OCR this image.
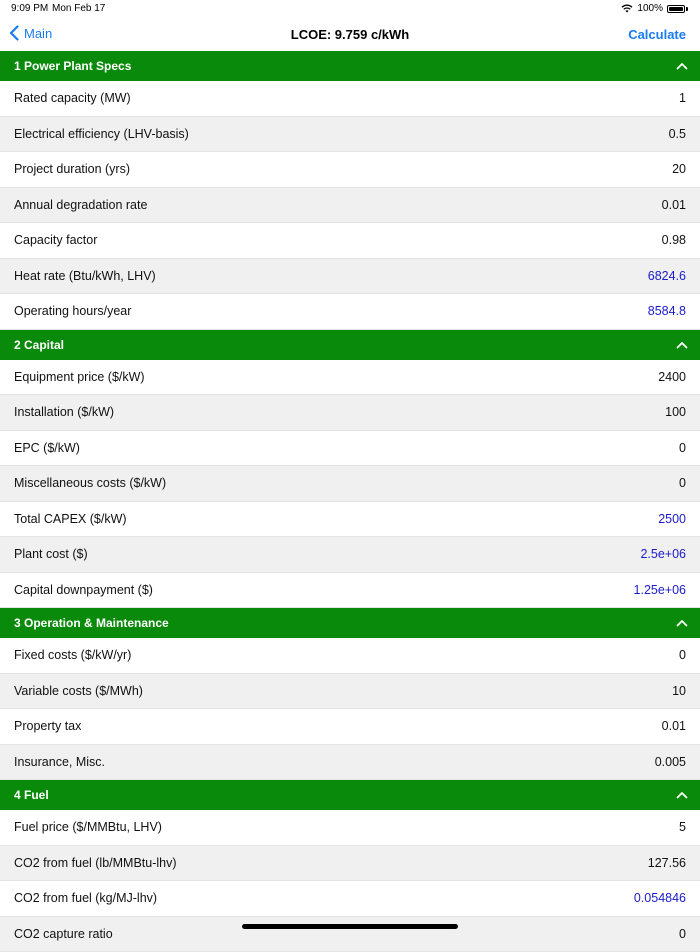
9:09 PM Mon Feb 17	100%
Main	LCOE: 9.759 c/kWh	Calculate
1 Power Plant Specs
Rated capacity (MW)	1
Electrical efficiency (LHV-basis)	0.5
Project duration (yrs)	20
Annual degradation rate	0.01
Capacity factor	0.98
Heat rate (Btu/kWh, LHV)	6824.6
Operating hours/year	8584.8
2 Capital
Equipment price ($/kW)	2400
Installation ($/kW)	100
EPC ($/kW)	0
Miscellaneous costs ($/kW)	0
Total CAPEX ($/kW)	2500
Plant cost ($)	2.5e+06
Capital downpayment ($)	1.25e+06
3 Operation & Maintenance
Fixed costs ($/kW/yr)	0
Variable costs ($/MWh)	10
Property tax	0.01
Insurance, Misc.	0.005
4 Fuel
Fuel price ($/MMBtu, LHV)	5
CO2 from fuel (lb/MMBtu-lhv)	127.56
CO2 from fuel (kg/MJ-lhv)	0.054846
CO2 capture ratio	0
